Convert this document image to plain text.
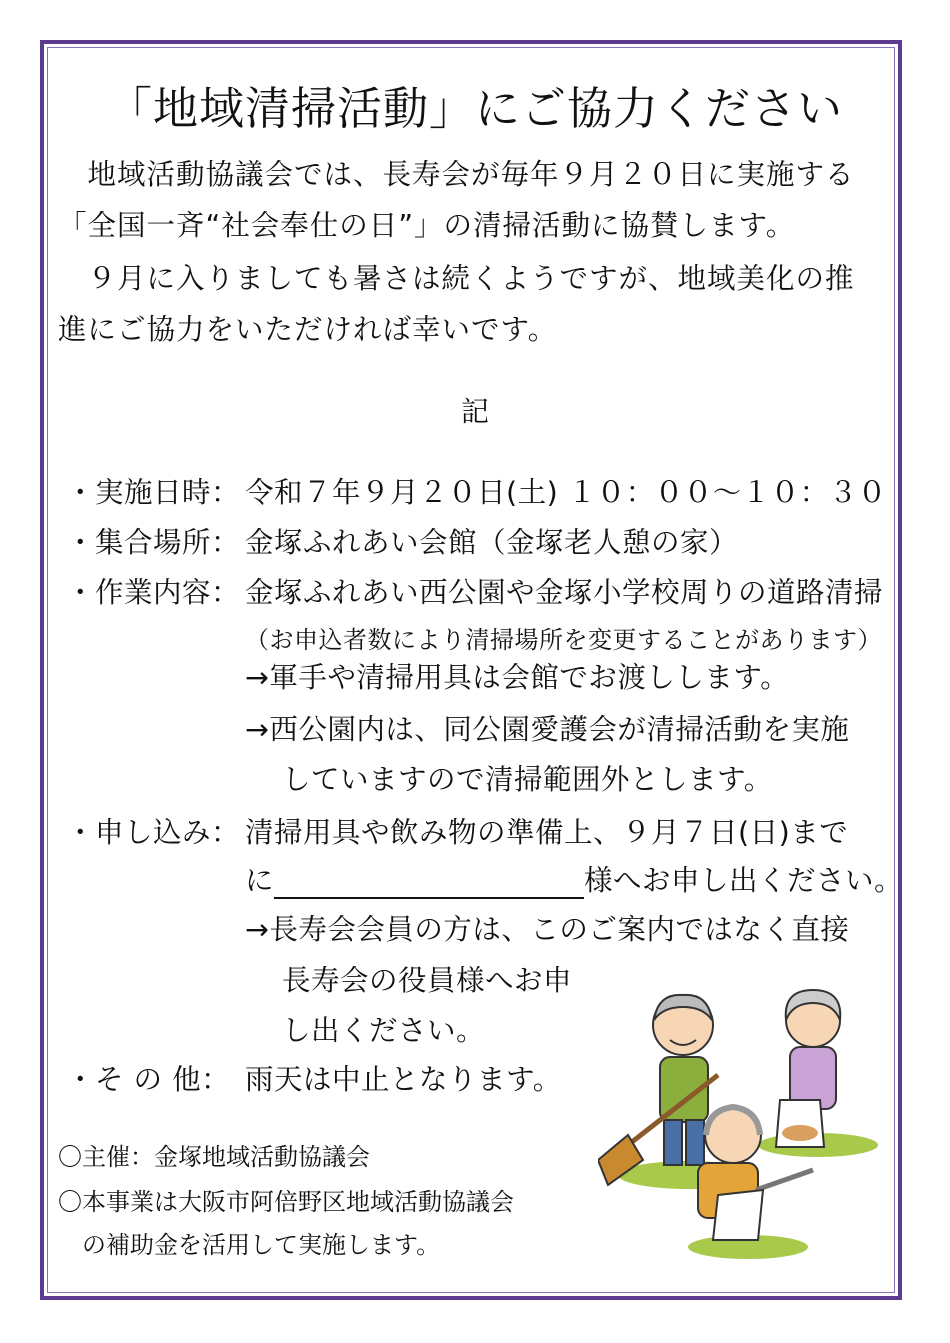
「地域清掃活動」にご協力ください
　地域活動協議会では、長寿会が毎年９月２０日に実施する
「全国一斉“社会奉仕の日”」の清掃活動に協賛します。
　９月に入りましても暑さは続くようですが、地域美化の推
進にご協力をいただければ幸いです。
記
・実施日時： 令和７年９月２０日(土) １０：００～１０：３０
・集合場所： 金塚ふれあい会館（金塚老人憩の家）
・作業内容： 金塚ふれあい西公園や金塚小学校周りの道路清掃
（お申込者数により清掃場所を変更することがあります）
→軍手や清掃用具は会館でお渡しします。
→西公園内は、同公園愛護会が清掃活動を実施
していますので清掃範囲外とします。
・申し込み： 清掃用具や飲み物の準備上、９月７日(日)まで
に	様へお申し出ください。
→長寿会会員の方は、このご案内ではなく直接
長寿会の役員様へお申
し出ください。
・そ の 他： 雨天は中止となります。
〇主催：金塚地域活動協議会
〇本事業は大阪市阿倍野区地域活動協議会
　の補助金を活用して実施します。
